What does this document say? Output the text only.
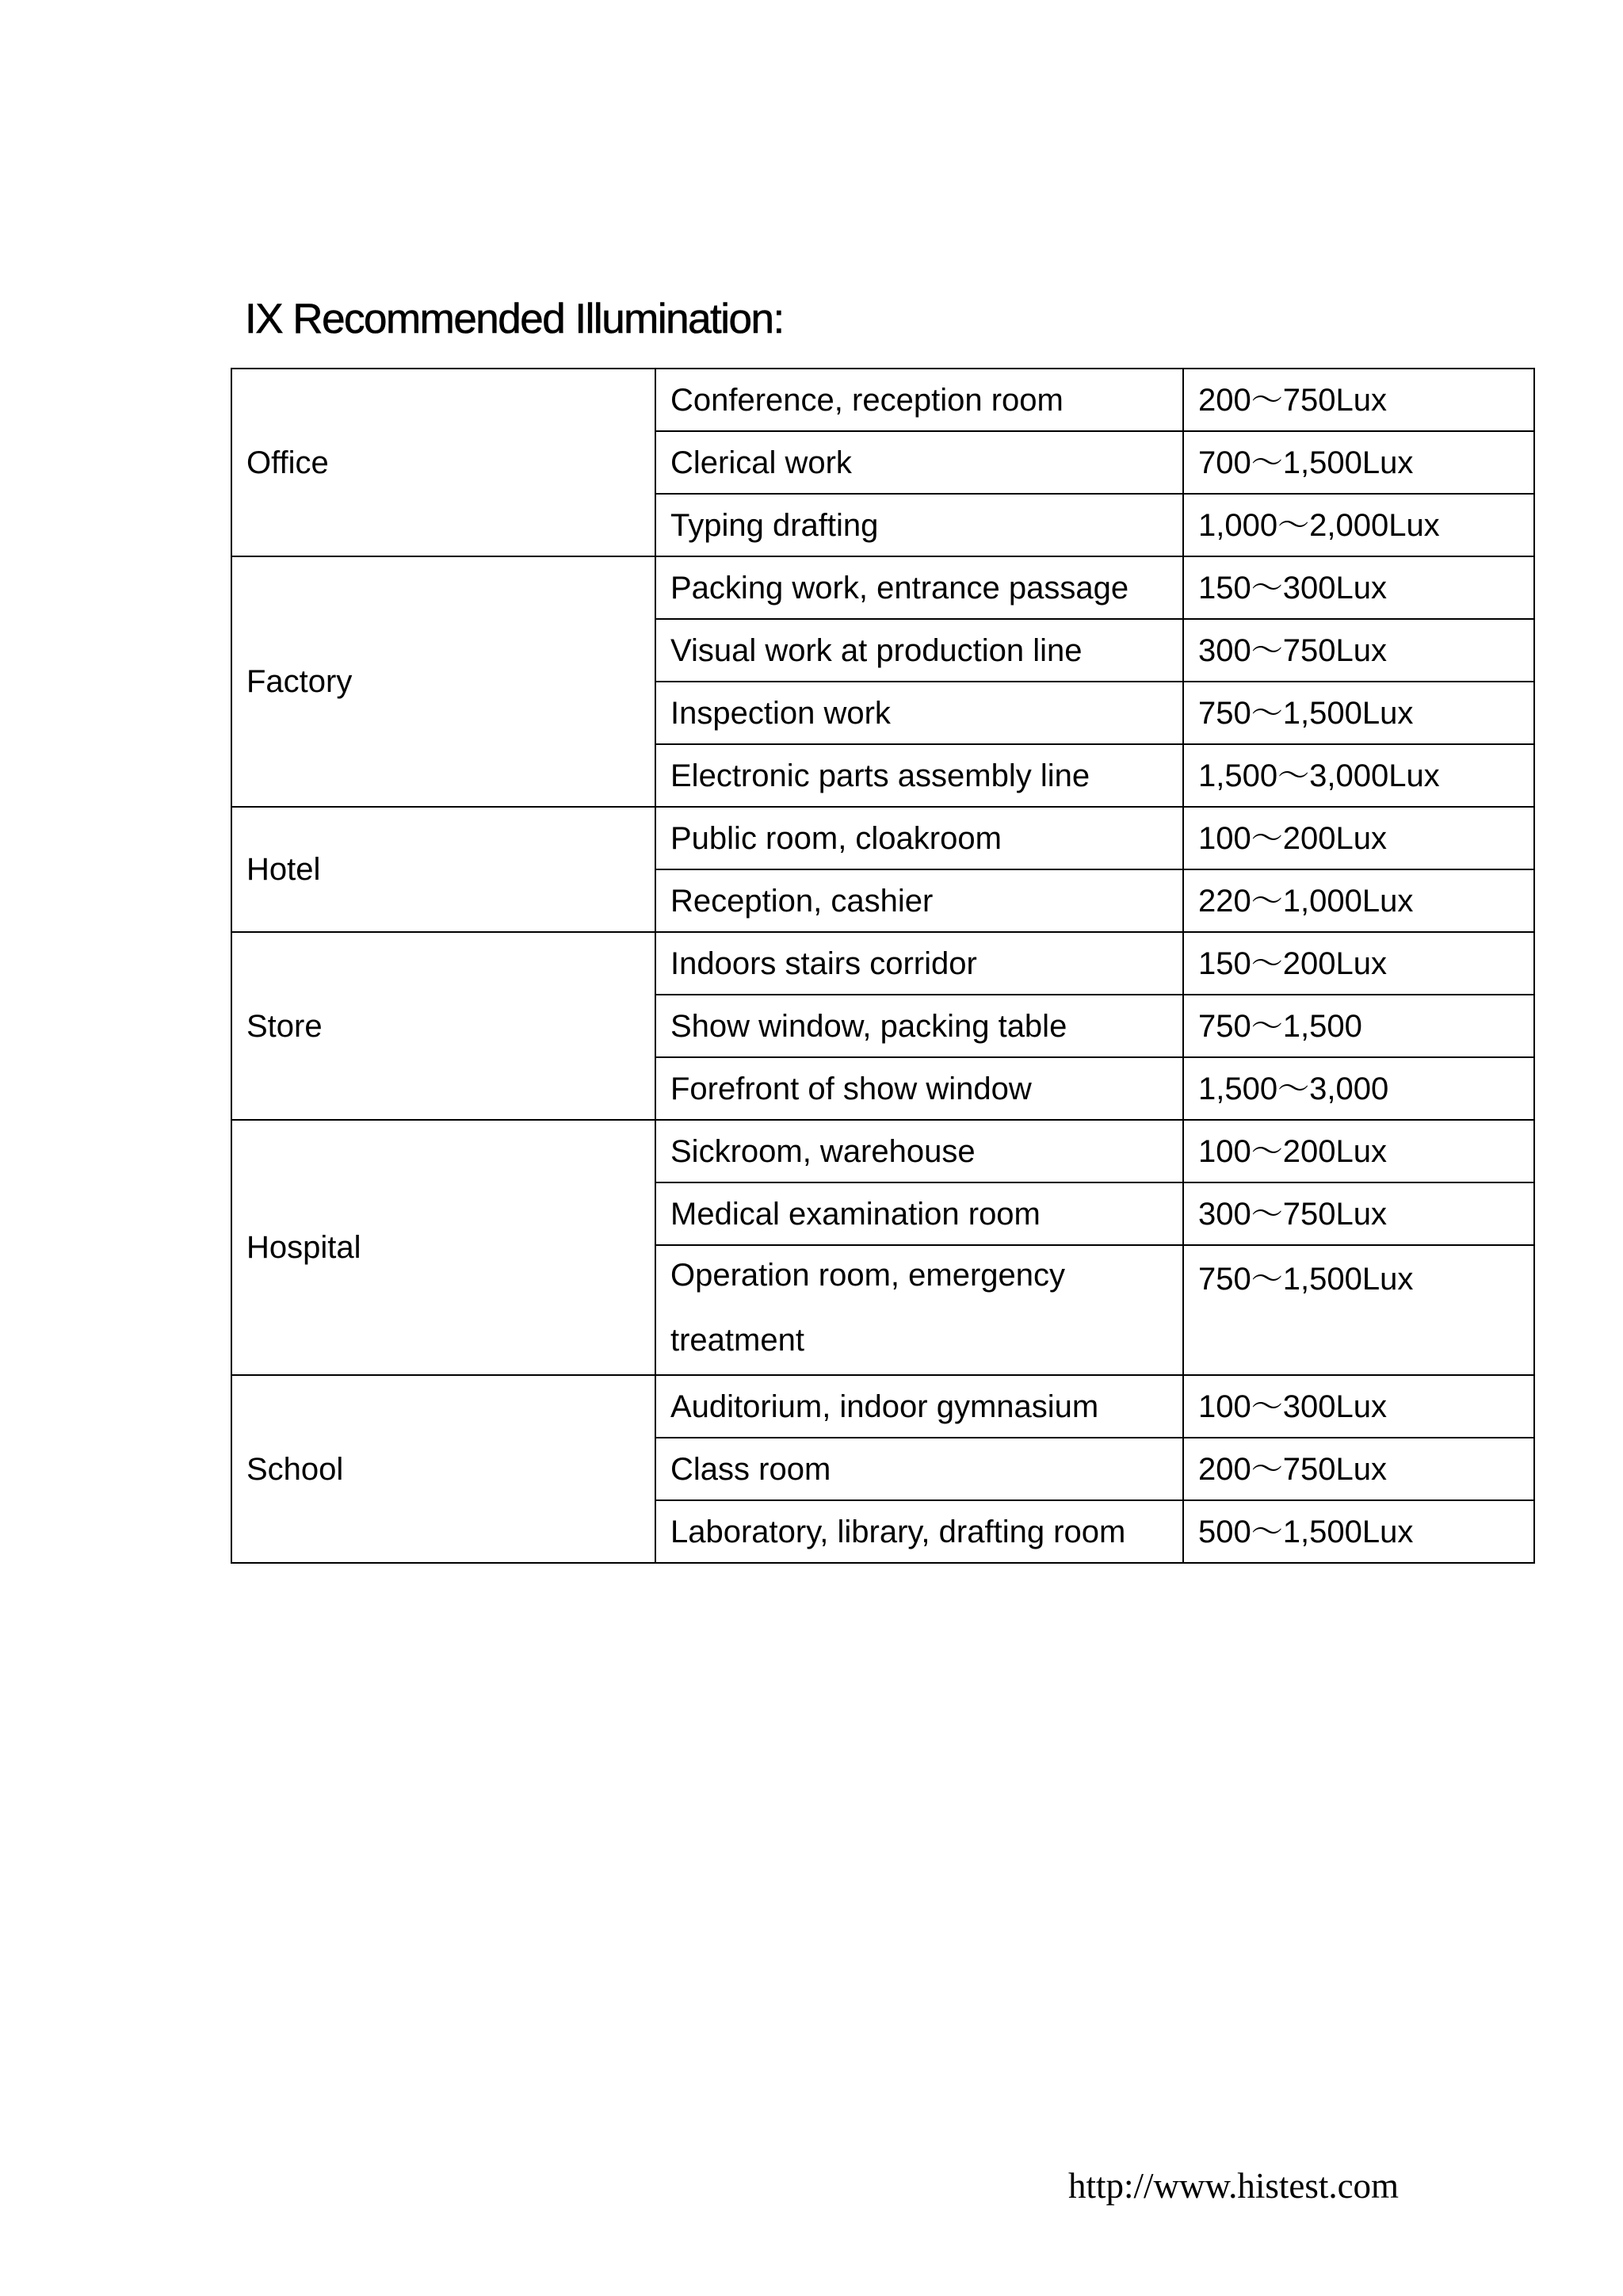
IX Recommended Illumination:
Office	Conference, reception room	200～750Lux
	Clerical work	700～1,500Lux
	Typing drafting	1,000～2,000Lux
Factory	Packing work, entrance passage	150～300Lux
	Visual work at production line	300～750Lux
	Inspection work	750～1,500Lux
	Electronic parts assembly line	1,500～3,000Lux
Hotel	Public room, cloakroom	100～200Lux
	Reception, cashier	220～1,000Lux
Store	Indoors stairs corridor	150～200Lux
	Show window, packing table	750～1,500
	Forefront of show window	1,500～3,000
Hospital	Sickroom, warehouse	100～200Lux
	Medical examination room	300～750Lux

	Operation room, emergency treatment	750～1,500Lux
School	Auditorium, indoor gymnasium	100～300Lux
	Class room	200～750Lux
	Laboratory, library, drafting room	500～1,500Lux
http://www.histest.com
